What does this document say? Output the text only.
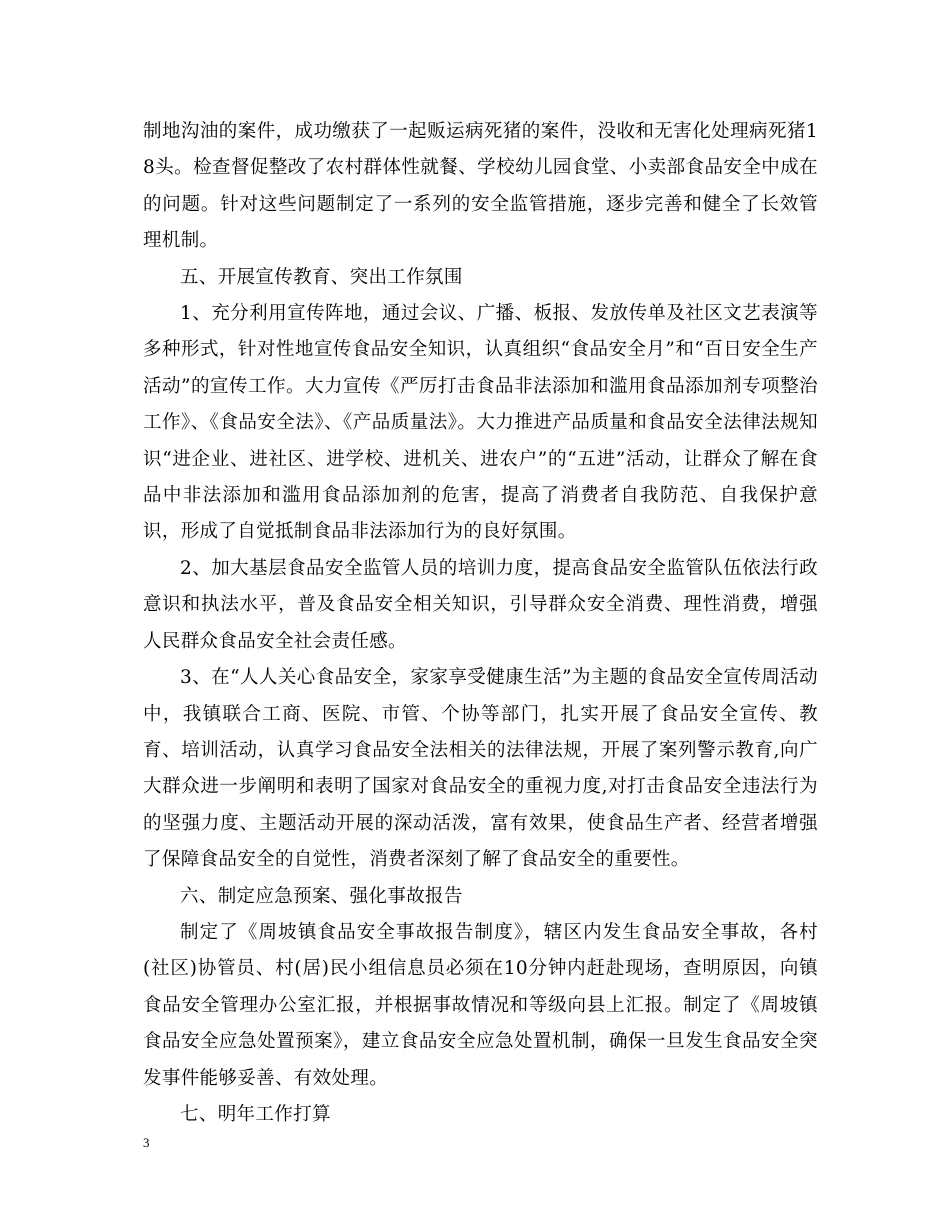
制地沟油的案件，成功缴获了一起贩运病死猪的案件，没收和无害化处理病死猪18头。检查督促整改了农村群体性就餐、学校幼儿园食堂、小卖部食品安全中成在的问题。针对这些问题制定了一系列的安全监管措施，逐步完善和健全了长效管理机制。

五、开展宣传教育、突出工作氛围

1、充分利用宣传阵地，通过会议、广播、板报、发放传单及社区文艺表演等多种形式，针对性地宣传食品安全知识，认真组织“食品安全月”和“百日安全生产活动”的宣传工作。大力宣传《严厉打击食品非法添加和滥用食品添加剂专项整治工作》、《食品安全法》、《产品质量法》。大力推进产品质量和食品安全法律法规知识“进企业、进社区、进学校、进机关、进农户”的“五进”活动，让群众了解在食品中非法添加和滥用食品添加剂的危害，提高了消费者自我防范、自我保护意识，形成了自觉抵制食品非法添加行为的良好氛围。

2、加大基层食品安全监管人员的培训力度，提高食品安全监管队伍依法行政意识和执法水平，普及食品安全相关知识，引导群众安全消费、理性消费，增强人民群众食品安全社会责任感。

3、在“人人关心食品安全，家家享受健康生活”为主题的食品安全宣传周活动中，我镇联合工商、医院、市管、个协等部门，扎实开展了食品安全宣传、教育、培训活动，认真学习食品安全法相关的法律法规，开展了案列警示教育,向广大群众进一步阐明和表明了国家对食品安全的重视力度,对打击食品安全违法行为的坚强力度、主题活动开展的深动活泼，富有效果，使食品生产者、经营者增强了保障食品安全的自觉性，消费者深刻了解了食品安全的重要性。

六、制定应急预案、强化事故报告

制定了《周坡镇食品安全事故报告制度》，辖区内发生食品安全事故，各村(社区)协管员、村(居)民小组信息员必须在10分钟内赶赴现场，查明原因，向镇食品安全管理办公室汇报，并根据事故情况和等级向县上汇报。制定了《周坡镇食品安全应急处置预案》，建立食品安全应急处置机制，确保一旦发生食品安全突发事件能够妥善、有效处理。

七、明年工作打算

3
